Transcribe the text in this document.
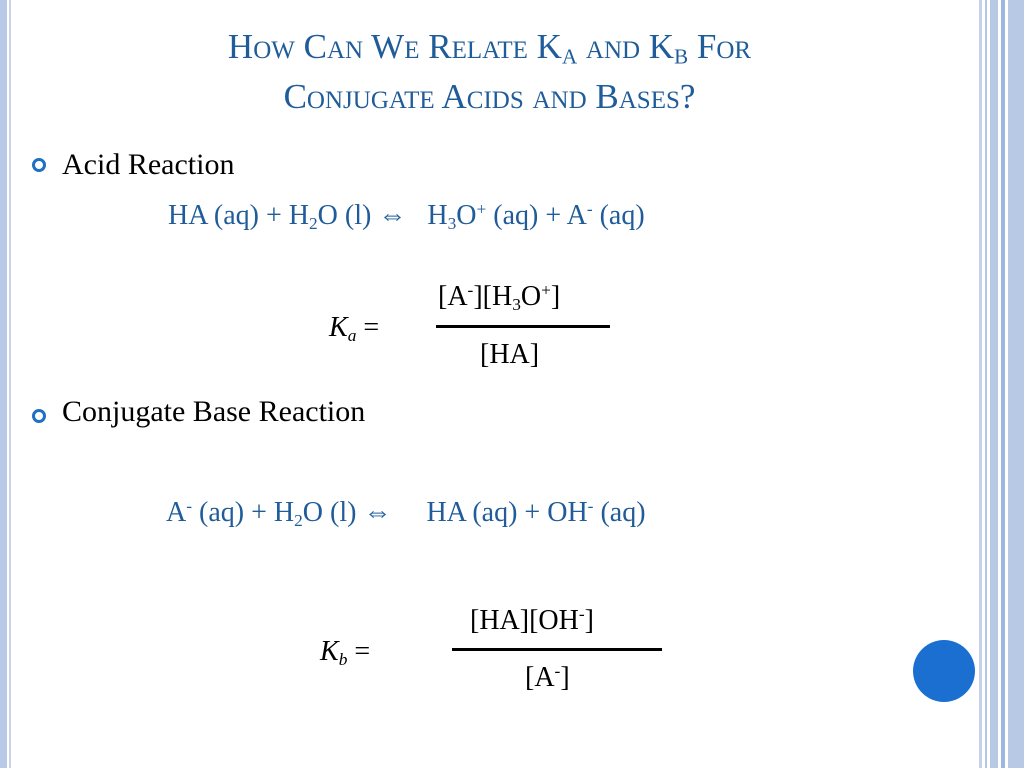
How Can We Relate $K_A$ and $K_B$ For
Conjugate Acids and Bases?
Acid Reaction
HA $(aq) + H_2O$ (l) ⇔ $H_3O^+$ (aq) + A- (aq)
$[A^-][H_3O^+]$
[HA]
$K_a$ =
Conjugate Base Reaction
A- $(aq) + H_2O$ (l) ⇔ HA (aq) + OH- (aq)
[HA][OH-]
[A-]
$K_b$ =
